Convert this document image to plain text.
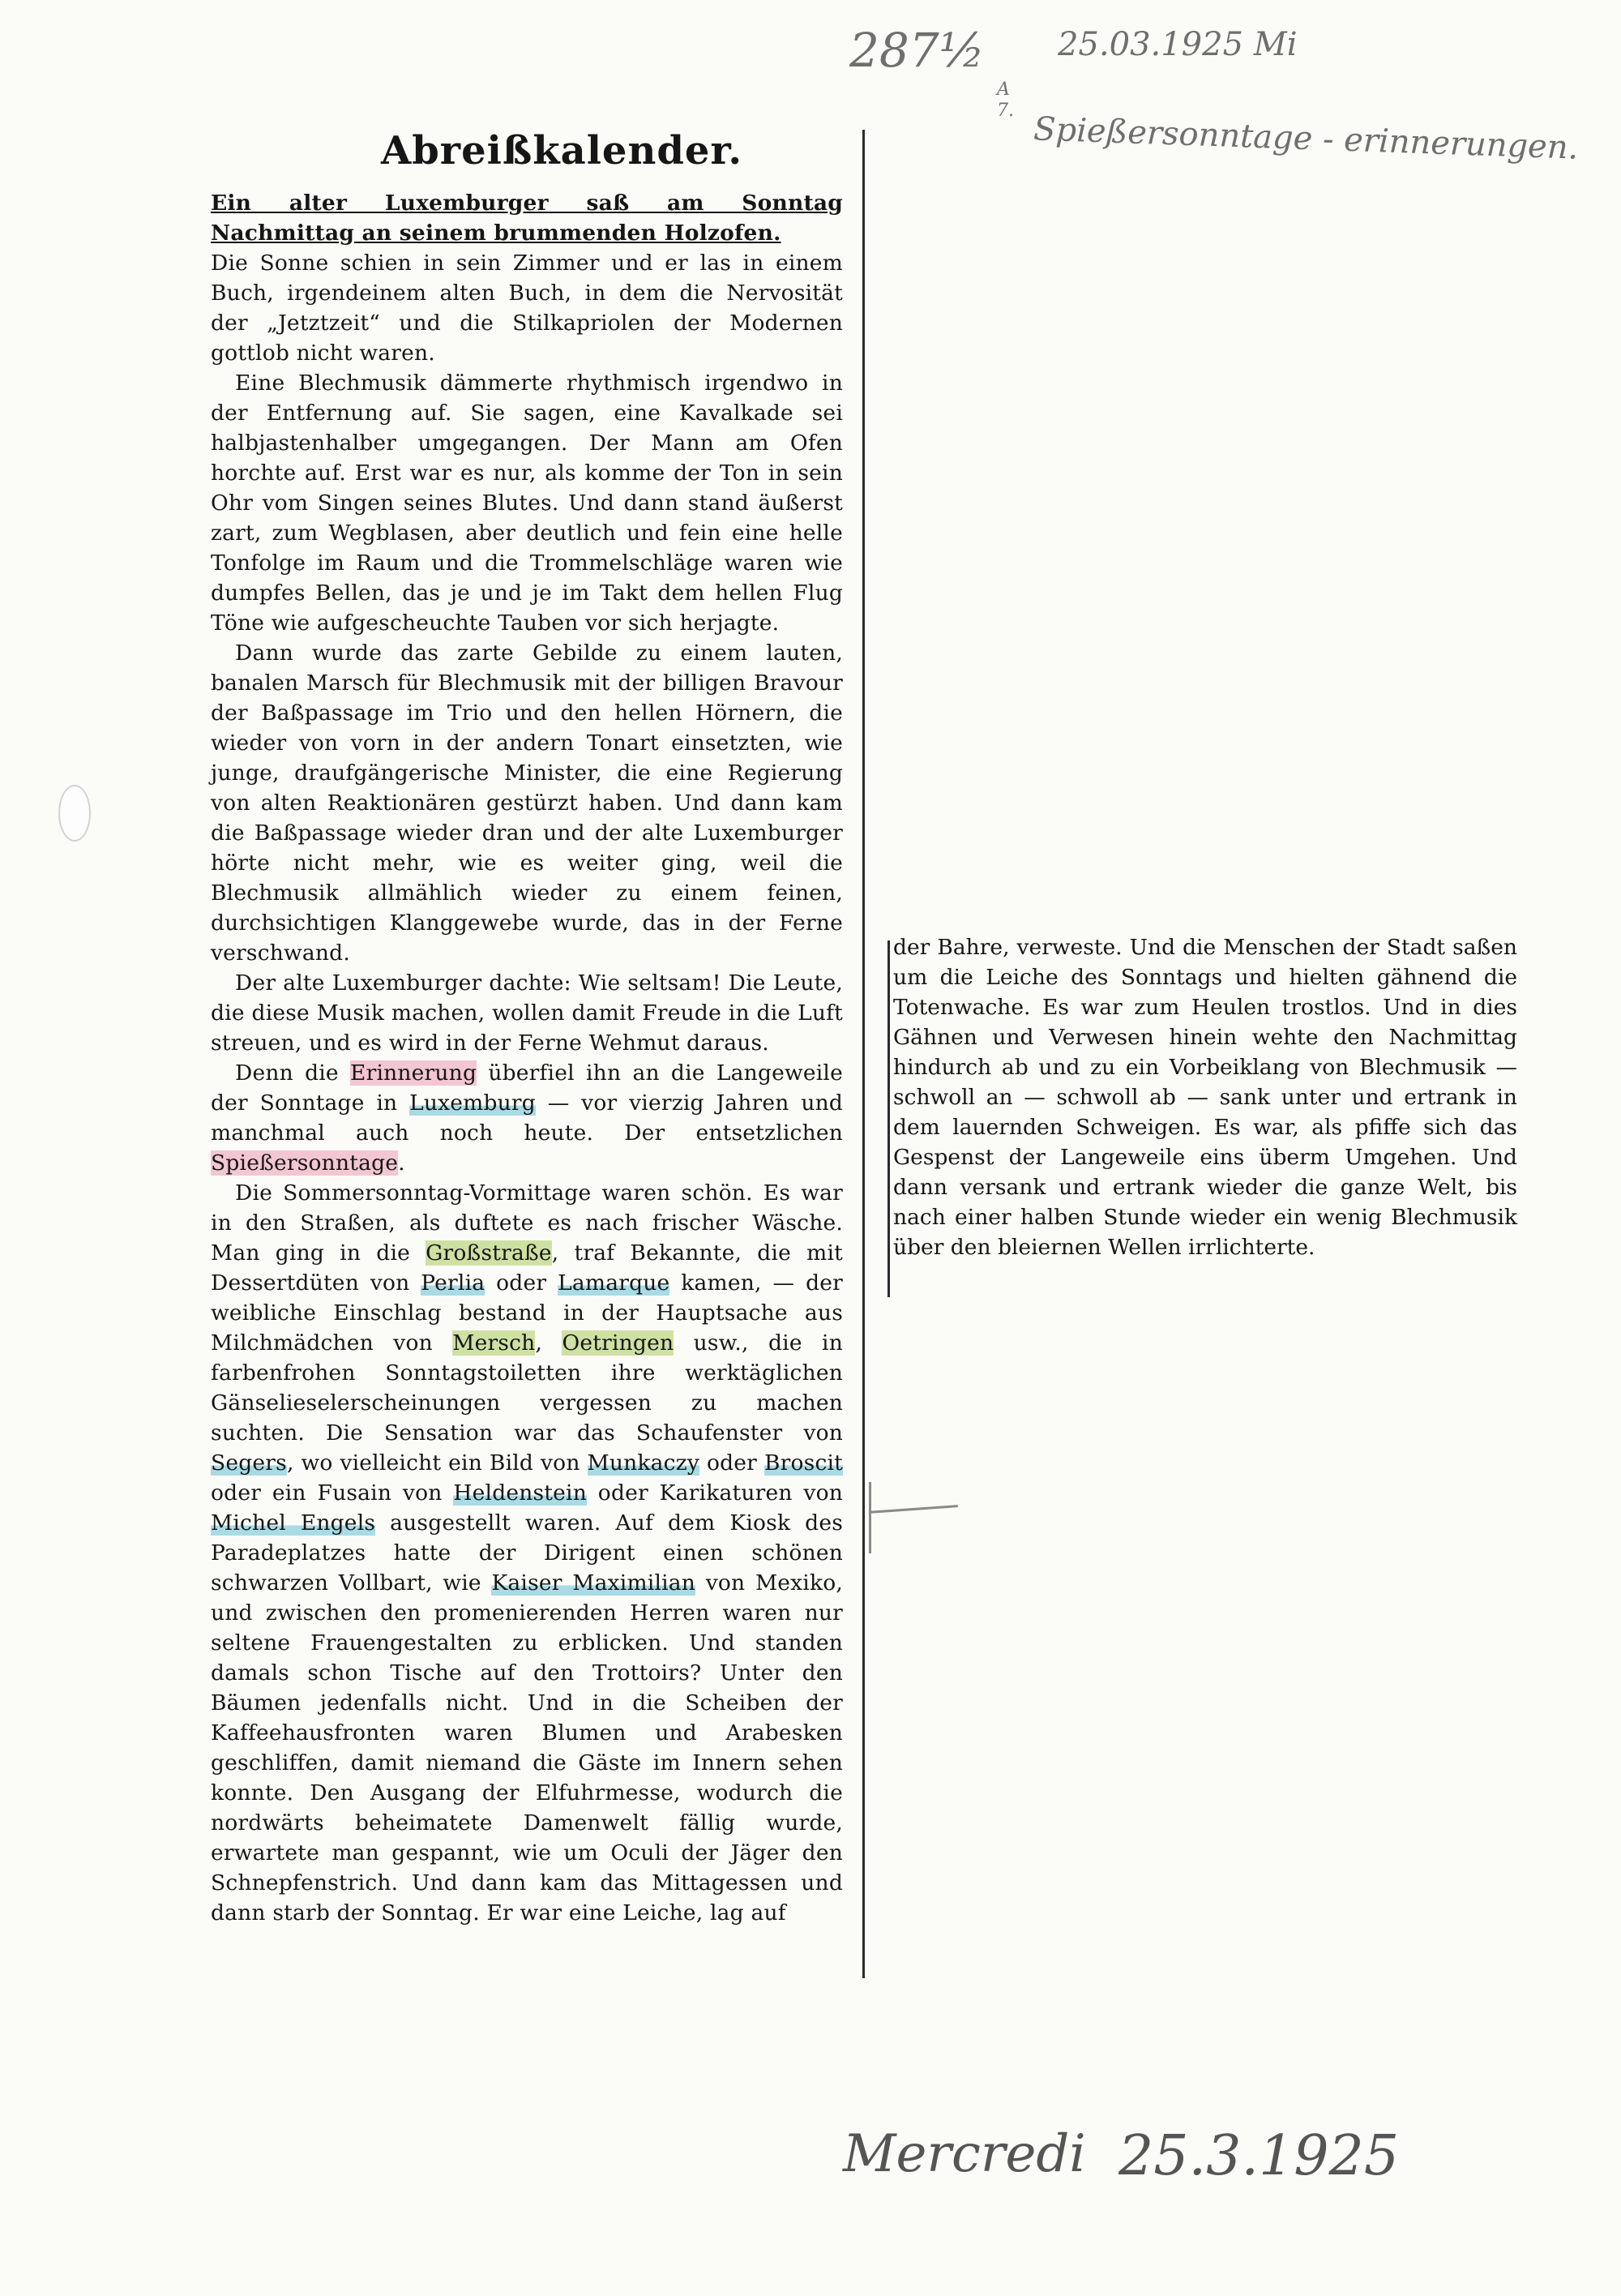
287½ 25.03.1925 Mi
A
7. Spießersonntage - erinnerungen.
Abreißkalender.

Ein alter Luxemburger saß am Sonntag Nachmittag an seinem brummenden Holzofen.

Die Sonne schien in sein Zimmer und er las in einem Buch, irgendeinem alten Buch, in dem die Nervosität der „Jetztzeit“ und die Stilkapriolen der Modernen gottlob nicht waren.

Eine Blechmusik dämmerte rhythmisch irgendwo in der Entfernung auf. Sie sagen, eine Kavalkade sei halbjastenhalber umgegangen. Der Mann am Ofen horchte auf. Erst war es nur, als komme der Ton in sein Ohr vom Singen seines Blutes. Und dann stand äußerst zart, zum Wegblasen, aber deutlich und fein eine helle Tonfolge im Raum und die Trommelschläge waren wie dumpfes Bellen, das je und je im Takt dem hellen Flug Töne wie aufgescheuchte Tauben vor sich herjagte.

Dann wurde das zarte Gebilde zu einem lauten, banalen Marsch für Blechmusik mit der billigen Bravour der Baßpassage im Trio und den hellen Hörnern, die wieder von vorn in der andern Tonart einsetzten, wie junge, draufgängerische Minister, die eine Regierung von alten Reaktionären gestürzt haben. Und dann kam die Baßpassage wieder dran und der alte Luxemburger hörte nicht mehr, wie es weiter ging, weil die Blechmusik allmählich wieder zu einem feinen, durchsichtigen Klanggewebe wurde, das in der Ferne verschwand.

Der alte Luxemburger dachte: Wie seltsam! Die Leute, die diese Musik machen, wollen damit Freude in die Luft streuen, und es wird in der Ferne Wehmut daraus.

Denn die Erinnerung überfiel ihn an die Langeweile der Sonntage in Luxemburg — vor vierzig Jahren und manchmal auch noch heute. Der entsetzlichen Spießersonntage.

Die Sommersonntag-Vormittage waren schön. Es war in den Straßen, als duftete es nach frischer Wäsche. Man ging in die Großstraße, traf Bekannte, die mit Dessertdüten von Perlia oder Lamarque kamen, — der weibliche Einschlag bestand in der Hauptsache aus Milchmädchen von Mersch, Oetringen usw., die in farbenfrohen Sonntagstoiletten ihre werktäglichen Gänselieselerscheinungen vergessen zu machen suchten. Die Sensation war das Schaufenster von Segers, wo vielleicht ein Bild von Munkaczy oder Broscit oder ein Fusain von Heldenstein oder Karikaturen von Michel Engels ausgestellt waren. Auf dem Kiosk des Paradeplatzes hatte der Dirigent einen schönen schwarzen Vollbart, wie Kaiser Maximilian von Mexiko, und zwischen den promenierenden Herren waren nur seltene Frauengestalten zu erblicken. Und standen damals schon Tische auf den Trottoirs? Unter den Bäumen jedenfalls nicht. Und in die Scheiben der Kaffeehausfronten waren Blumen und Arabesken geschliffen, damit niemand die Gäste im Innern sehen konnte. Den Ausgang der Elfuhrmesse, wodurch die nordwärts beheimatete Damenwelt fällig wurde, erwartete man gespannt, wie um Oculi der Jäger den Schnepfenstrich. Und dann kam das Mittagessen und dann starb der Sonntag. Er war eine Leiche, lag auf

der Bahre, verweste. Und die Menschen der Stadt saßen um die Leiche des Sonntags und hielten gähnend die Totenwache. Es war zum Heulen trostlos. Und in dies Gähnen und Verwesen hinein wehte den Nachmittag hindurch ab und zu ein Vorbeiklang von Blechmusik — schwoll an — schwoll ab — sank unter und ertrank in dem lauernden Schweigen. Es war, als pfiffe sich das Gespenst der Langeweile eins überm Umgehen. Und dann versank und ertrank wieder die ganze Welt, bis nach einer halben Stunde wieder ein wenig Blechmusik über den bleiernen Wellen irrlichterte.

Mercredi 25.3.1925
